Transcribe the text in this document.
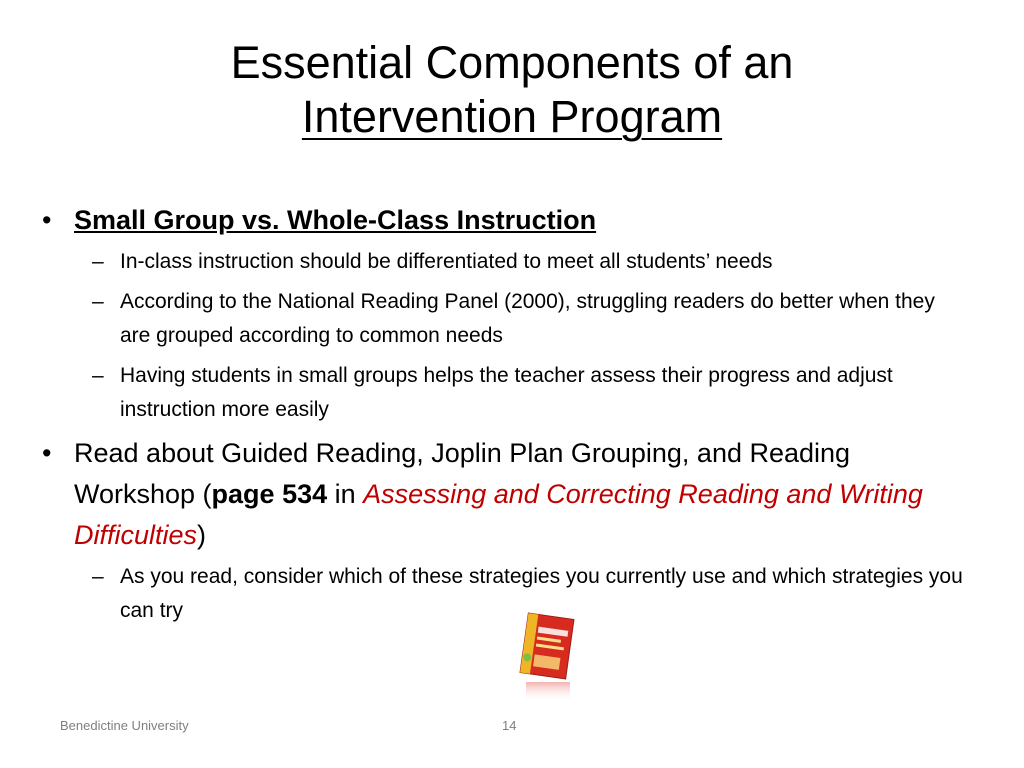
Essential Components of an
Intervention Program
• Small Group vs. Whole-Class Instruction
– In-class instruction should be differentiated to meet all students’ needs
– According to the National Reading Panel (2000), struggling readers do better when they are grouped according to common needs
– Having students in small groups helps the teacher assess their progress and adjust instruction more easily
• Read about Guided Reading, Joplin Plan Grouping, and Reading Workshop (page 534 in Assessing and Correcting Reading and Writing Difficulties)
– As you read, consider which of these strategies you currently use and which strategies you can try
Benedictine University	14
